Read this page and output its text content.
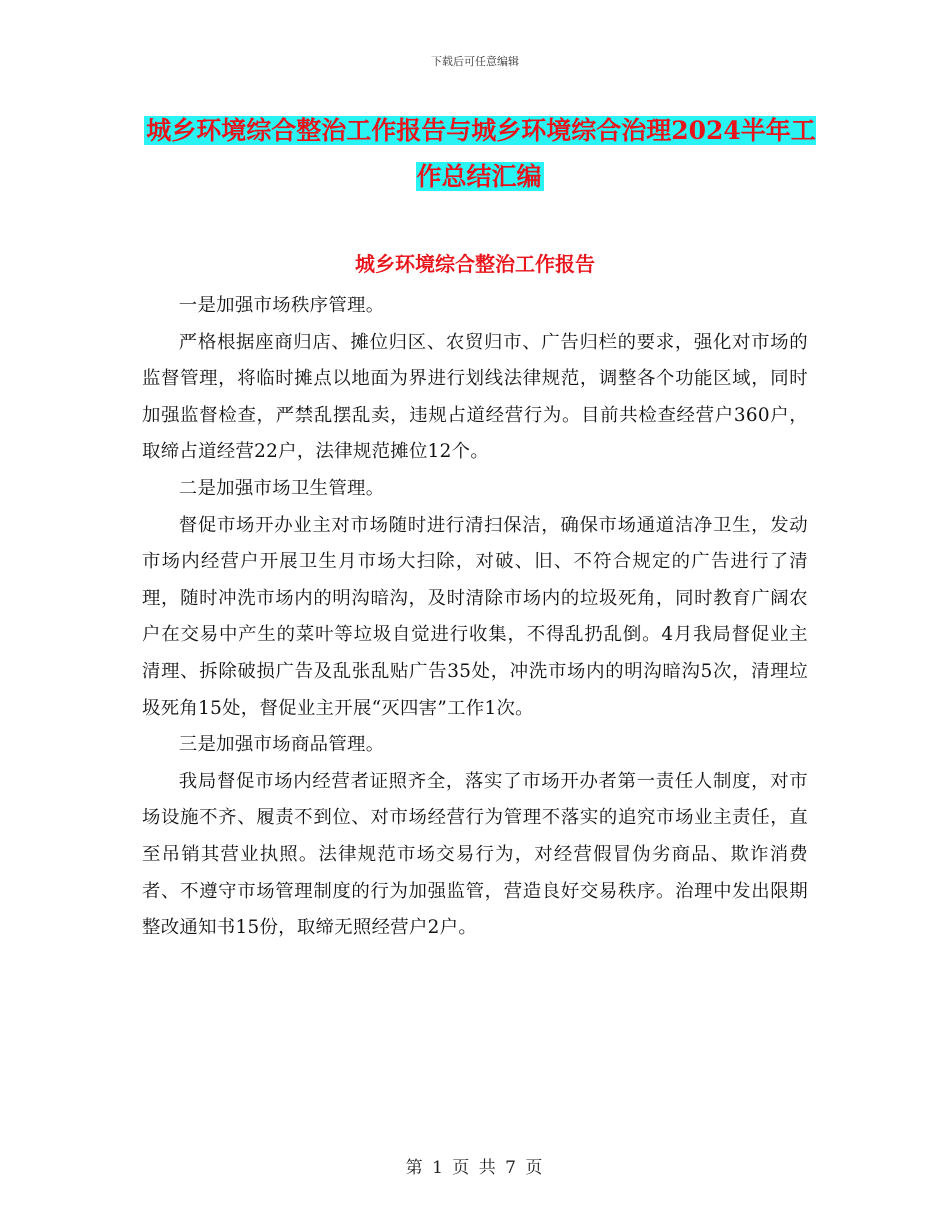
下载后可任意编辑
城乡环境综合整治工作报告与城乡环境综合治理2024半年工作总结汇编
城乡环境综合整治工作报告

一是加强市场秩序管理。

严格根据座商归店、摊位归区、农贸归市、广告归栏的要求，强化对市场的监督管理，将临时摊点以地面为界进行划线法律规范，调整各个功能区域，同时加强监督检查，严禁乱摆乱卖，违规占道经营行为。目前共检查经营户360户，取缔占道经营22户，法律规范摊位12个。

二是加强市场卫生管理。

督促市场开办业主对市场随时进行清扫保洁，确保市场通道洁净卫生，发动市场内经营户开展卫生月市场大扫除，对破、旧、不符合规定的广告进行了清理，随时冲洗市场内的明沟暗沟，及时清除市场内的垃圾死角，同时教育广阔农户在交易中产生的菜叶等垃圾自觉进行收集，不得乱扔乱倒。4月我局督促业主清理、拆除破损广告及乱张乱贴广告35处，冲洗市场内的明沟暗沟5次，清理垃圾死角15处，督促业主开展“灭四害”工作1次。

三是加强市场商品管理。

我局督促市场内经营者证照齐全，落实了市场开办者第一责任人制度，对市场设施不齐、履责不到位、对市场经营行为管理不落实的追究市场业主责任，直至吊销其营业执照。法律规范市场交易行为，对经营假冒伪劣商品、欺诈消费者、不遵守市场管理制度的行为加强监管，营造良好交易秩序。治理中发出限期整改通知书15份，取缔无照经营户2户。

第 1 页 共 7 页
